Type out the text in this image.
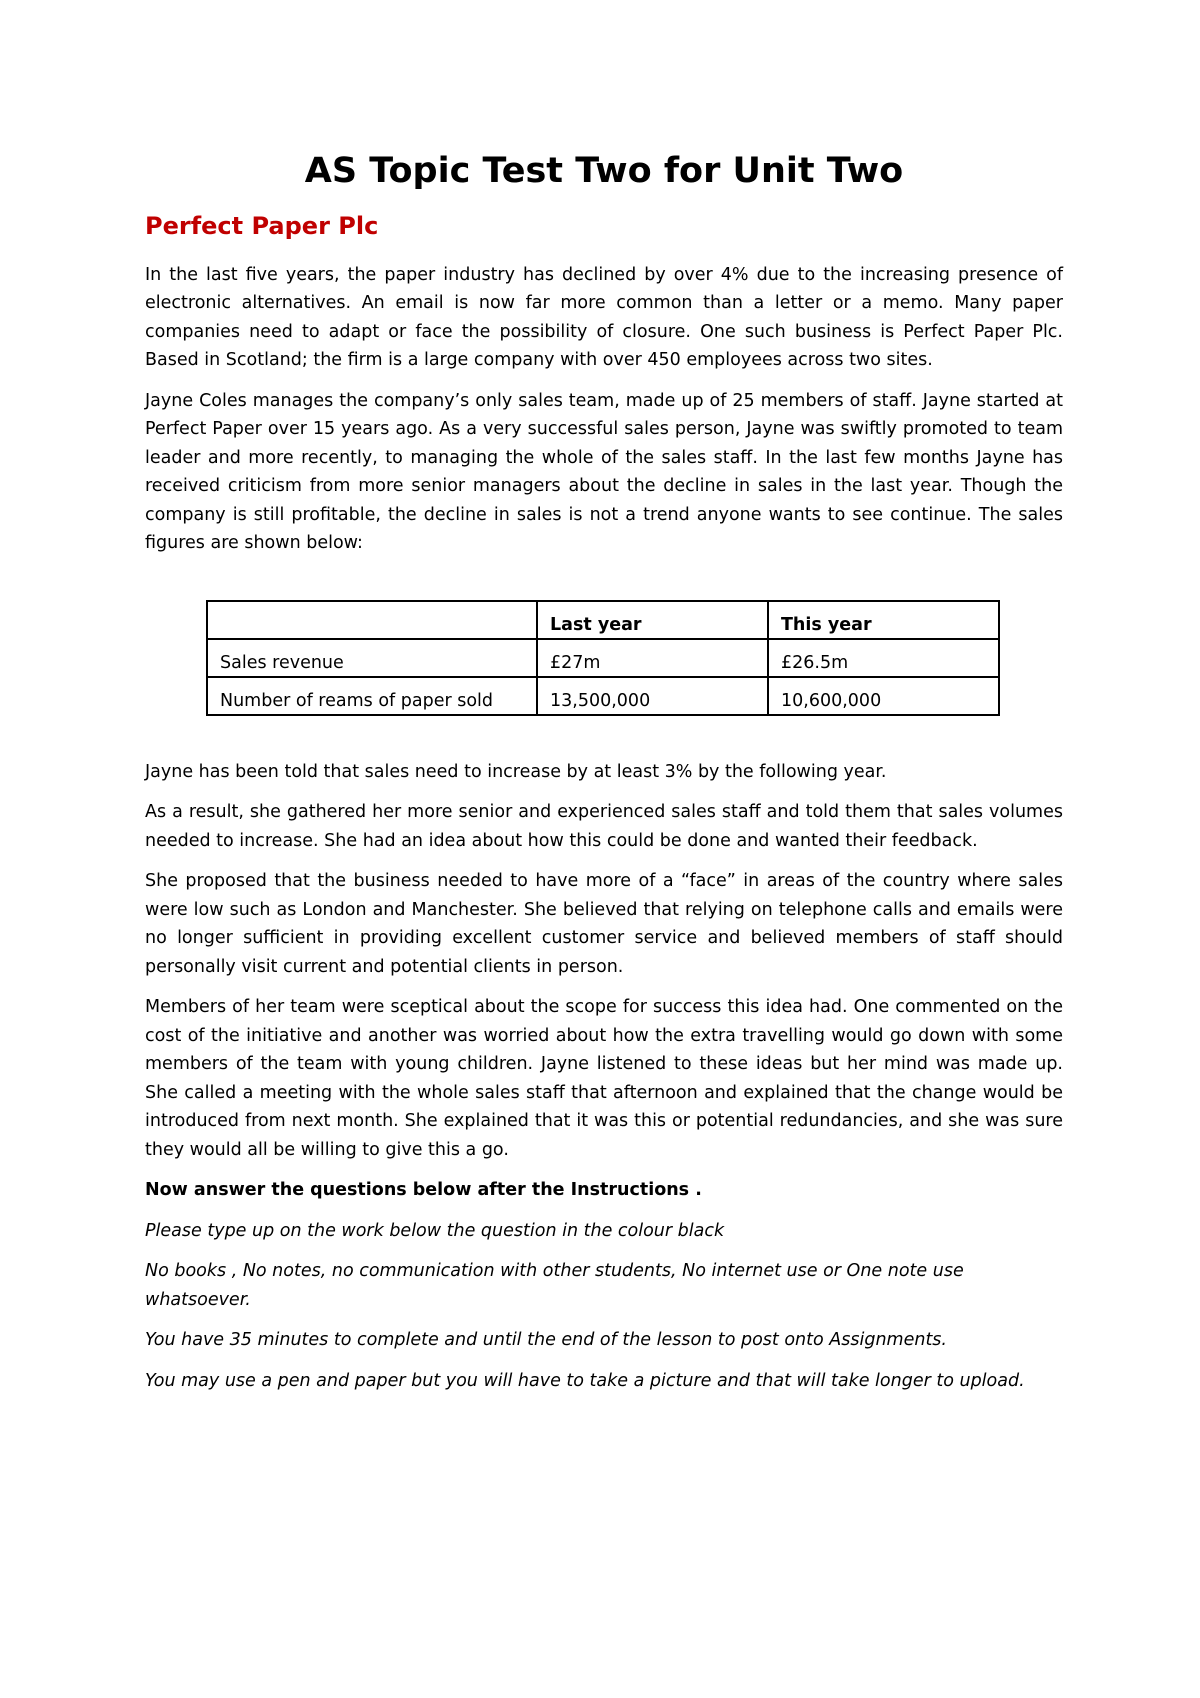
AS Topic Test Two for Unit Two
Perfect Paper Plc

In the last five years, the paper industry has declined by over 4% due to the increasing presence of electronic alternatives. An email is now far more common than a letter or a memo. Many paper companies need to adapt or face the possibility of closure. One such business is Perfect Paper Plc. Based in Scotland; the firm is a large company with over 450 employees across two sites.

Jayne Coles manages the company’s only sales team, made up of 25 members of staff. Jayne started at Perfect Paper over 15 years ago. As a very successful sales person, Jayne was swiftly promoted to team leader and more recently, to managing the whole of the sales staff. In the last few months Jayne has received criticism from more senior managers about the decline in sales in the last year. Though the company is still profitable, the decline in sales is not a trend anyone wants to see continue. The sales figures are shown below:

	Last year	This year
Sales revenue	£27m	£26.5m
Number of reams of paper sold	13,500,000	10,600,000

Jayne has been told that sales need to increase by at least 3% by the following year.

As a result, she gathered her more senior and experienced sales staff and told them that sales volumes needed to increase. She had an idea about how this could be done and wanted their feedback.

She proposed that the business needed to have more of a “face” in areas of the country where sales were low such as London and Manchester. She believed that relying on telephone calls and emails were no longer sufficient in providing excellent customer service and believed members of staff should personally visit current and potential clients in person.

Members of her team were sceptical about the scope for success this idea had. One commented on the cost of the initiative and another was worried about how the extra travelling would go down with some members of the team with young children. Jayne listened to these ideas but her mind was made up. She called a meeting with the whole sales staff that afternoon and explained that the change would be introduced from next month. She explained that it was this or potential redundancies, and she was sure they would all be willing to give this a go.

Now answer the questions below after the Instructions .

Please type up on the work below the question in the colour black

No books , No notes, no communication with other students, No internet use or One note use whatsoever.

You have 35 minutes to complete and until the end of the lesson to post onto Assignments.

You may use a pen and paper but you will have to take a picture and that will take longer to upload.
